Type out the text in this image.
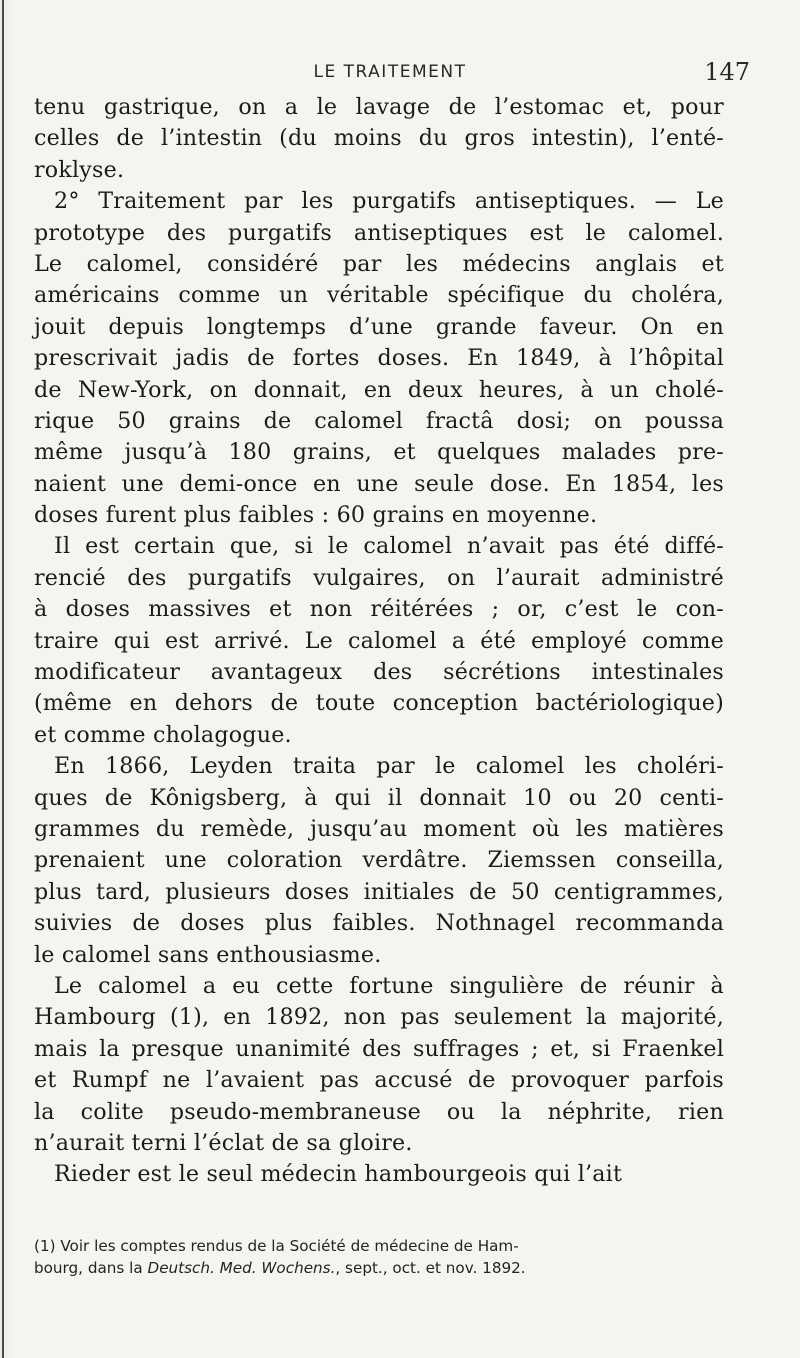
LE TRAITEMENT	147
tenu gastrique, on a le lavage de l’estomac et, pour
celles de l’intestin (du moins du gros intestin), l’enté-
roklyse.
2° Traitement par les purgatifs antiseptiques. — Le
prototype des purgatifs antiseptiques est le calomel.
Le calomel, considéré par les médecins anglais et
américains comme un véritable spécifique du choléra,
jouit depuis longtemps d’une grande faveur. On en
prescrivait jadis de fortes doses. En 1849, à l’hôpital
de New-York, on donnait, en deux heures, à un cholé-
rique 50 grains de calomel fractâ dosi; on poussa
même jusqu’à 180 grains, et quelques malades pre-
naient une demi-once en une seule dose. En 1854, les
doses furent plus faibles : 60 grains en moyenne.
Il est certain que, si le calomel n’avait pas été diffé-
rencié des purgatifs vulgaires, on l’aurait administré
à doses massives et non réitérées ; or, c’est le con-
traire qui est arrivé. Le calomel a été employé comme
modificateur avantageux des sécrétions intestinales
(même en dehors de toute conception bactériologique)
et comme cholagogue.
En 1866, Leyden traita par le calomel les choléri-
ques de Kônigsberg, à qui il donnait 10 ou 20 centi-
grammes du remède, jusqu’au moment où les matières
prenaient une coloration verdâtre. Ziemssen conseilla,
plus tard, plusieurs doses initiales de 50 centigrammes,
suivies de doses plus faibles. Nothnagel recommanda
le calomel sans enthousiasme.
Le calomel a eu cette fortune singulière de réunir à
Hambourg (1), en 1892, non pas seulement la majorité,
mais la presque unanimité des suffrages ; et, si Fraenkel
et Rumpf ne l’avaient pas accusé de provoquer parfois
la colite pseudo-membraneuse ou la néphrite, rien
n’aurait terni l’éclat de sa gloire.
Rieder est le seul médecin hambourgeois qui l’ait
(1) Voir les comptes rendus de la Société de médecine de Ham-
bourg, dans la Deutsch. Med. Wochens., sept., oct. et nov. 1892.
